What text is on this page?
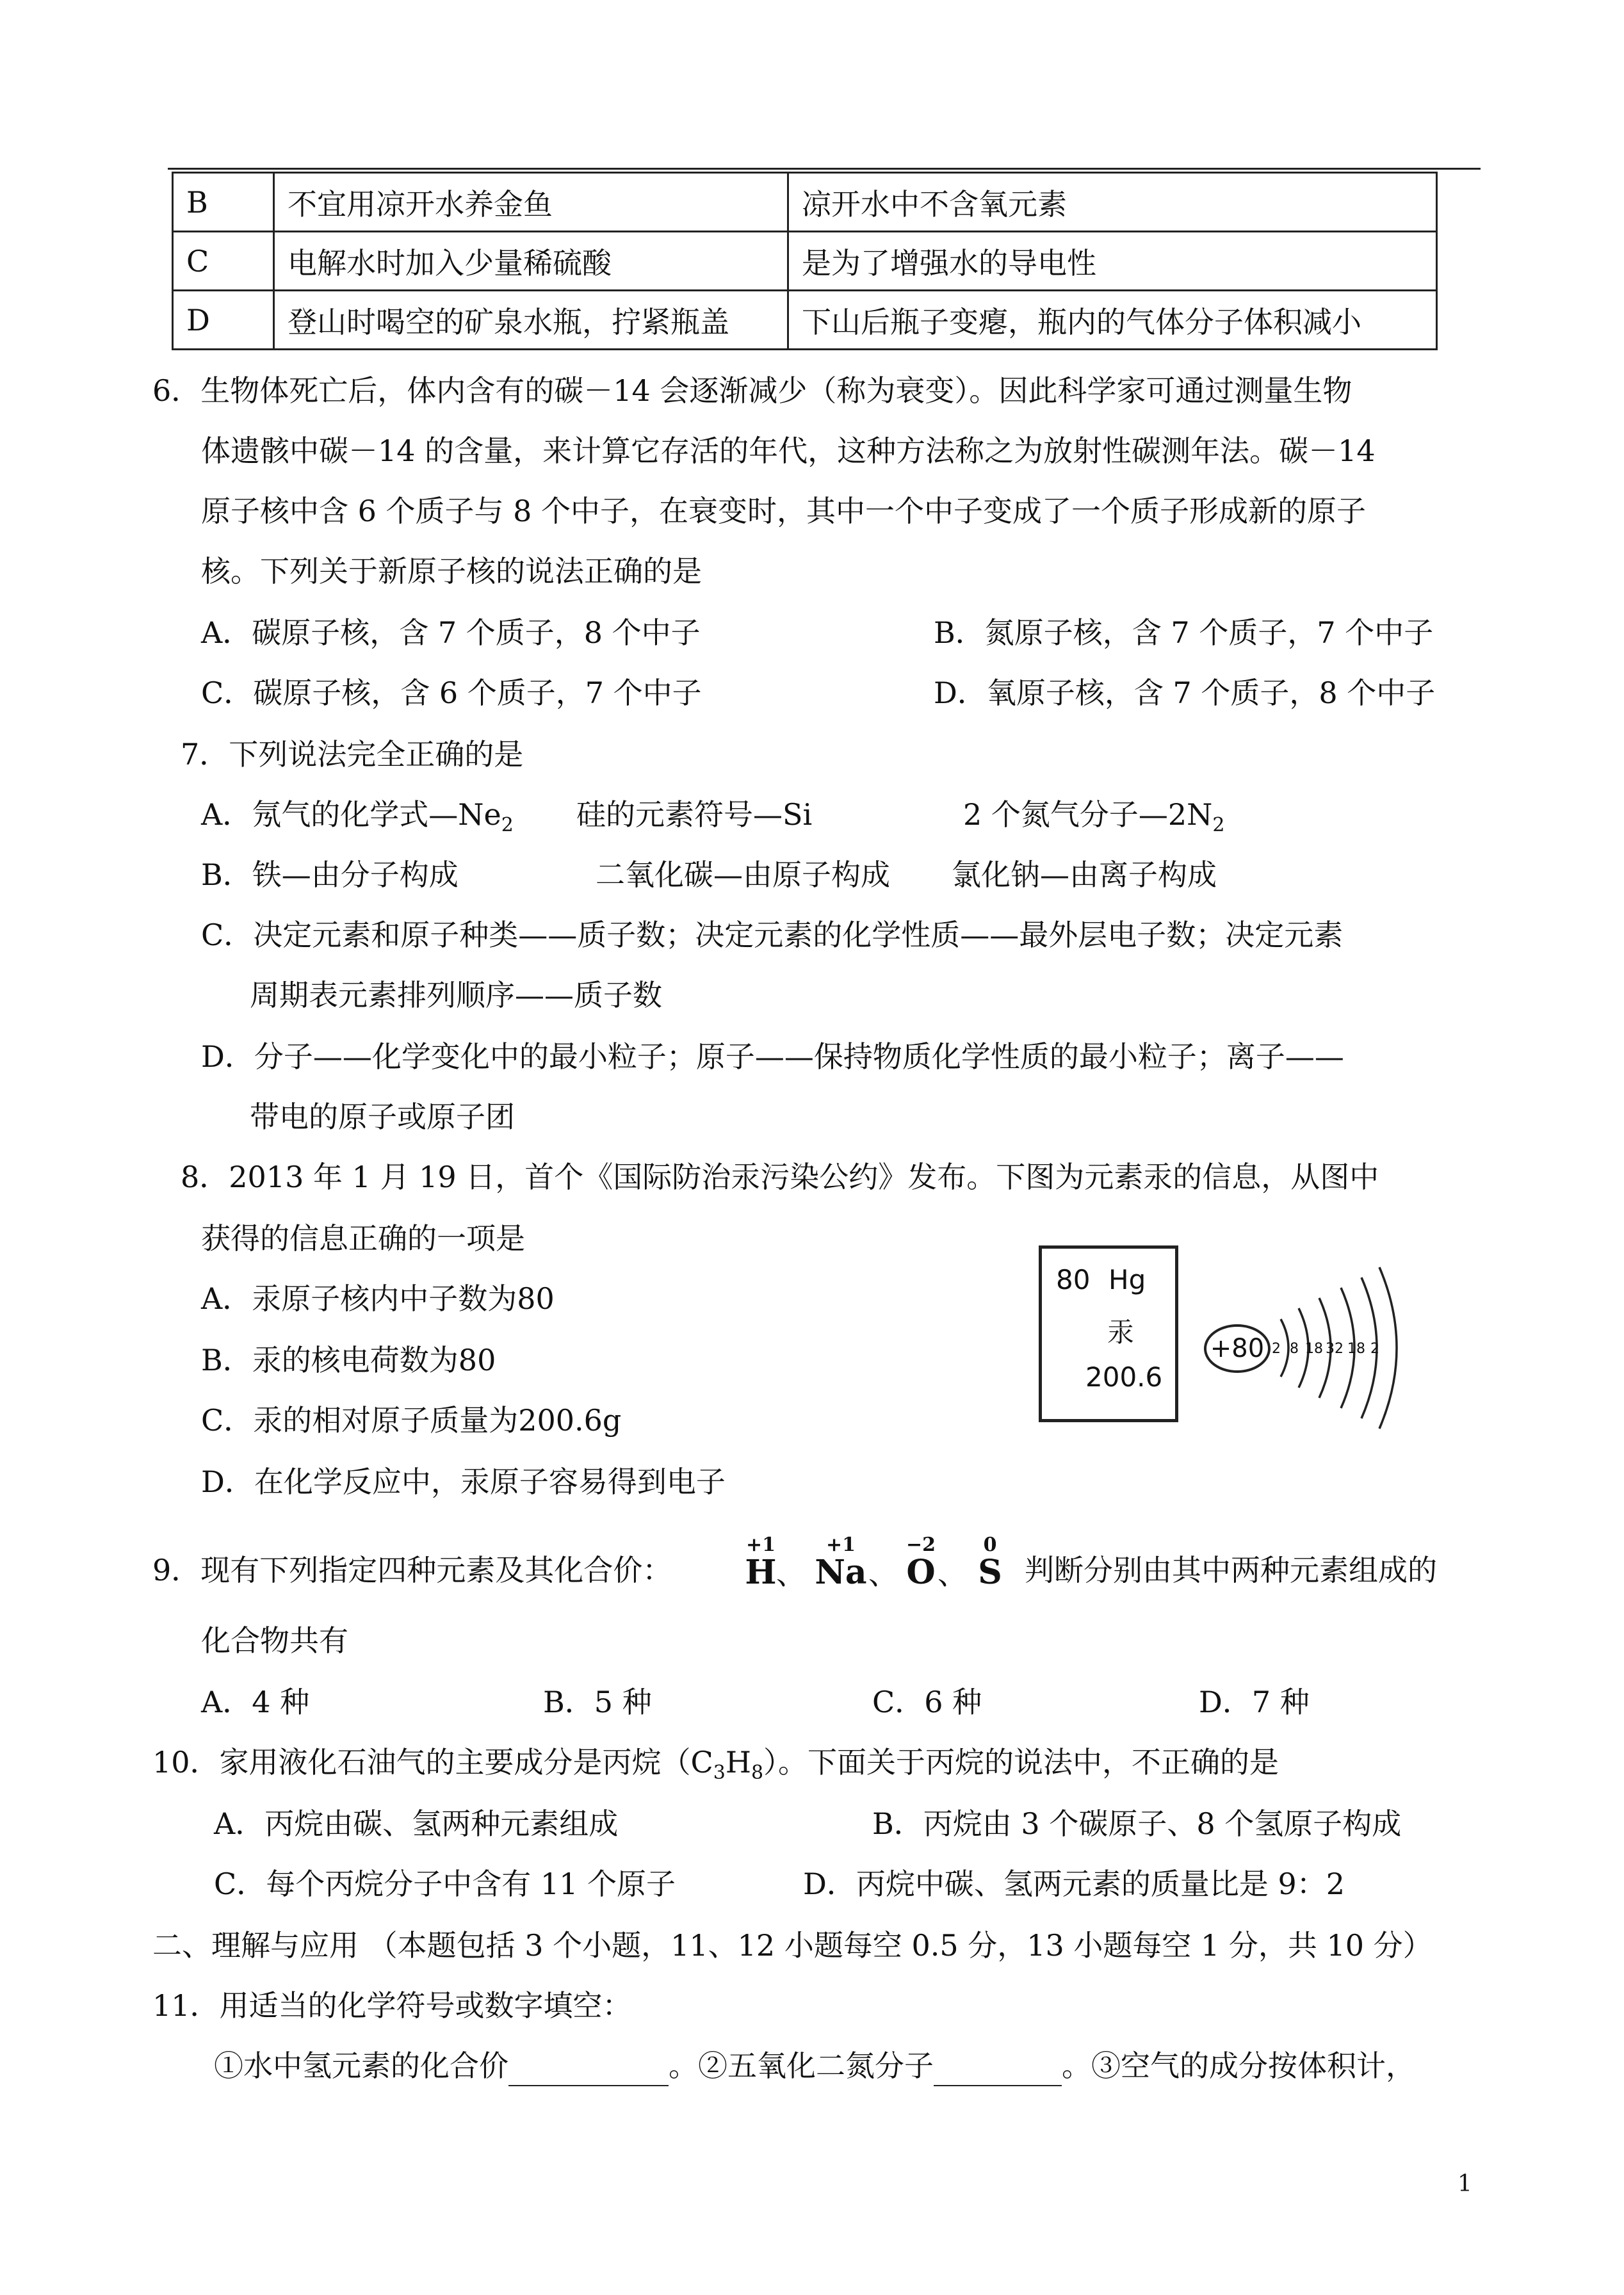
B	不宜用凉开水养金鱼	凉开水中不含氧元素
C	电解水时加入少量稀硫酸	是为了增强水的导电性
D	登山时喝空的矿泉水瓶，拧紧瓶盖	下山后瓶子变瘪，瓶内的气体分子体积减小
6．生物体死亡后，体内含有的碳－14 会逐渐减少（称为衰变）。因此科学家可通过测量生物
体遗骸中碳－14 的含量，来计算它存活的年代，这种方法称之为放射性碳测年法。碳－14
原子核中含 6 个质子与 8 个中子，在衰变时，其中一个中子变成了一个质子形成新的原子
核。下列关于新原子核的说法正确的是
A．碳原子核，含 7 个质子，8 个中子	B．氮原子核，含 7 个质子，7 个中子
C．碳原子核，含 6 个质子，7 个中子	D．氧原子核，含 7 个质子，8 个中子
7．下列说法完全正确的是
A．氖气的化学式$—Ne_2$ 硅的元素符号—Si	2 个氮气分子$—2N_2$
B．铁—由分子构成	二氧化碳—由原子构成 氯化钠—由离子构成
C．决定元素和原子种类——质子数；决定元素的化学性质——最外层电子数；决定元素
周期表元素排列顺序——质子数
D．分子——化学变化中的最小粒子；原子——保持物质化学性质的最小粒子；离子——
带电的原子或原子团
8．2013 年 1 月 19 日，首个《国际防治汞污染公约》发布。下图为元素汞的信息，从图中
获得的信息正确的一项是
A．汞原子核内中子数为80
B．汞的核电荷数为80
C．汞的相对原子质量为200.6g
D．在化学反应中，汞原子容易得到电子
80 Hg
汞
200.6
+80 2 8 18 32 18 2
9．现有下列指定四种元素及其化合价：
+1
H 、
+1
Na 、
−2
O 、
0
S 判断分别由其中两种元素组成的
化合物共有
A．4 种	B．5 种	C．6 种	D．7 种
10．家用液化石油气的主要成分是丙烷$(C_3H_8)$。下面关于丙烷的说法中，不正确的是
A．丙烷由碳、氢两种元素组成	B．丙烷由 3 个碳原子、8 个氢原子构成
C．每个丙烷分子中含有 11 个原子	D．丙烷中碳、氢两元素的质量比是 9：2
二、理解与应用 （本题包括 3 个小题，11、12 小题每空 0.5 分，13 小题每空 1 分，共 10 分）
11．用适当的化学符号或数字填空：
①水中氢元素的化合价	。②五氧化二氮分子	。③空气的成分按体积计，
1
